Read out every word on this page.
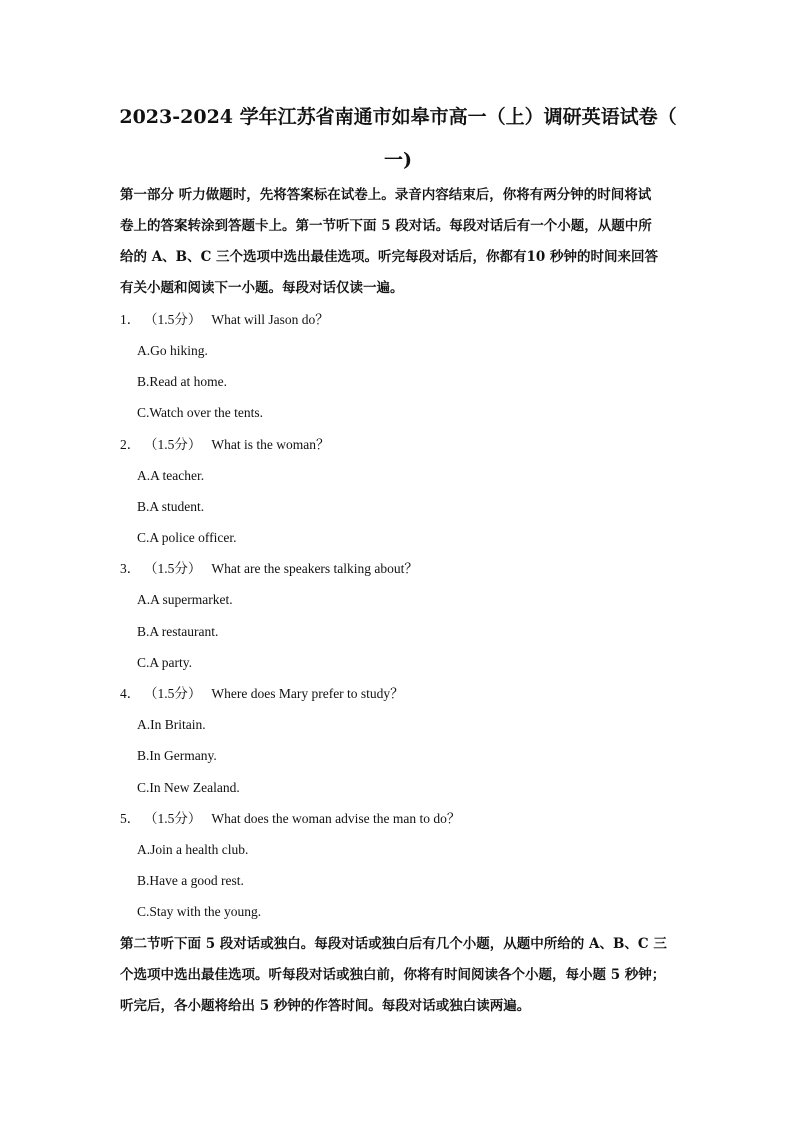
2023-2024 学年江苏省南通市如皋市高一（上）调研英语试卷（
一)
第一部分 听力做题时，先将答案标在试卷上。录音内容结束后，你将有两分钟的时间将试
卷上的答案转涂到答题卡上。第一节听下面 5 段对话。每段对话后有一个小题，从题中所
给的 A、B、C 三个选项中选出最佳选项。听完每段对话后，你都有10 秒钟的时间来回答
有关小题和阅读下一小题。每段对话仅读一遍。
1． （1.5分） What will Jason do？
A.Go hiking.
B.Read at home.
C.Watch over the tents.
2． （1.5分） What is the woman？
A.A teacher.
B.A student.
C.A police officer.
3． （1.5分） What are the speakers talking about？
A.A supermarket.
B.A restaurant.
C.A party.
4． （1.5分） Where does Mary prefer to study？
A.In Britain.
B.In Germany.
C.In New Zealand.
5． （1.5分） What does the woman advise the man to do？
A.Join a health club.
B.Have a good rest.
C.Stay with the young.
第二节听下面 5 段对话或独白。每段对话或独白后有几个小题，从题中所给的 A、B、C 三
个选项中选出最佳选项。听每段对话或独白前，你将有时间阅读各个小题，每小题 5 秒钟；
听完后，各小题将给出 5 秒钟的作答时间。每段对话或独白读两遍。
